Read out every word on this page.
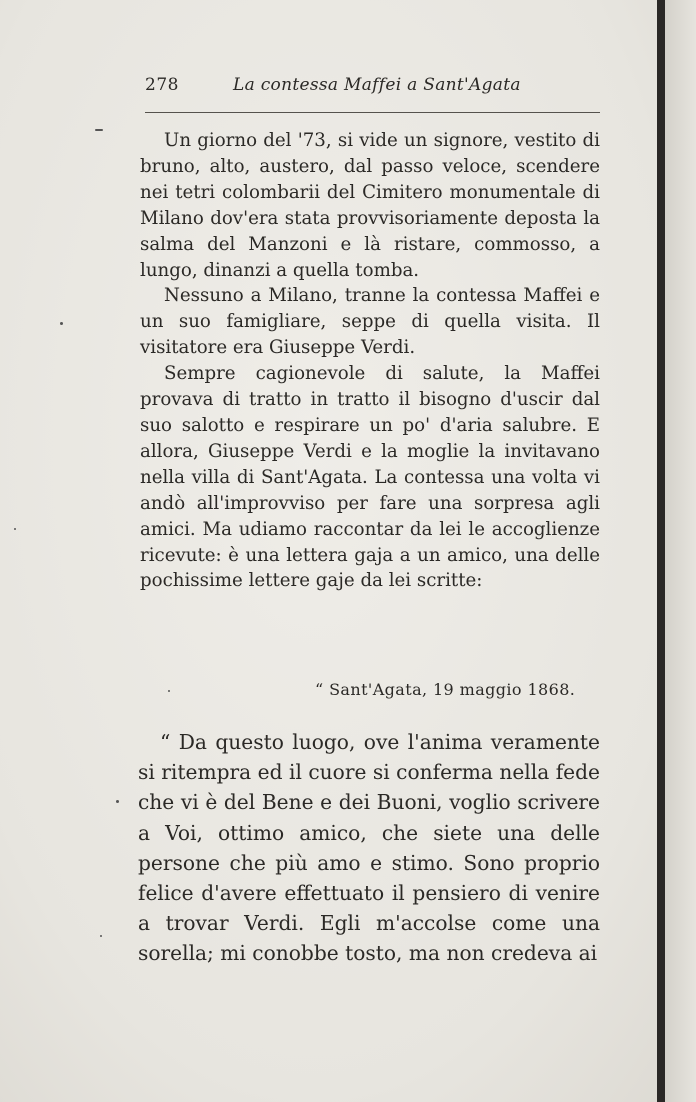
278	La contessa Maffei a Sant'Agata

Un giorno del '73, si vide un signore, vestito di bruno, alto, austero, dal passo veloce, scendere nei tetri colombarii del Cimitero monumentale di Milano dov'era stata provvisoriamente deposta la salma del Manzoni e là ristare, commosso, a lungo, dinanzi a quella tomba.

Nessuno a Milano, tranne la contessa Maffei e un suo famigliare, seppe di quella visita. Il visitatore era Giuseppe Verdi.

Sempre cagionevole di salute, la Maffei provava di tratto in tratto il bisogno d'uscir dal suo salotto e respirare un po' d'aria salubre. E allora, Giuseppe Verdi e la moglie la invitavano nella villa di Sant'Agata. La contessa una volta vi andò all'improvviso per fare una sorpresa agli amici. Ma udiamo raccontar da lei le accoglienze ricevute: è una lettera gaja a un amico, una delle pochissime lettere gaje da lei scritte:

“ Sant'Agata, 19 maggio 1868.

“ Da questo luogo, ove l'anima veramente si ritempra ed il cuore si conferma nella fede che vi è del Bene e dei Buoni, voglio scrivere a Voi, ottimo amico, che siete una delle persone che più amo e stimo. Sono proprio felice d'avere effettuato il pensiero di venire a trovar Verdi. Egli m'accolse come una sorella; mi conobbe tosto, ma non credeva ai
